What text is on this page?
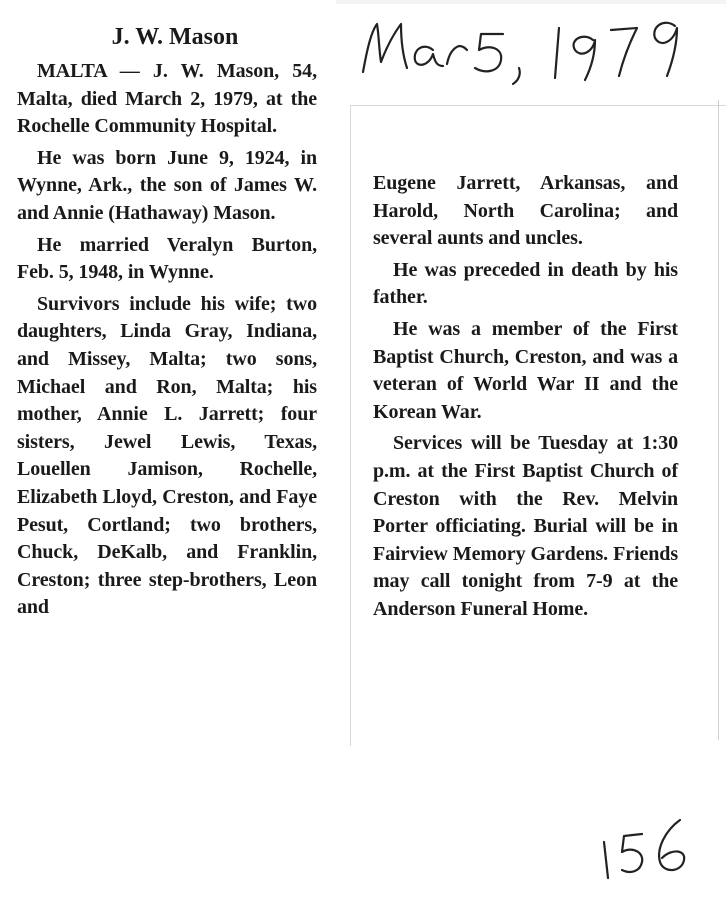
J. W. Mason

MALTA — J. W. Mason, 54, Malta, died March 2, 1979, at the Rochelle Community Hospital.

He was born June 9, 1924, in Wynne, Ark., the son of James W. and Annie (Hathaway) Mason.

He married Veralyn Burton, Feb. 5, 1948, in Wynne.

Survivors include his wife; two daughters, Linda Gray, Indiana, and Missey, Malta; two sons, Michael and Ron, Malta; his mother, Annie L. Jarrett; four sisters, Jewel Lewis, Texas, Louellen Jamison, Rochelle, Elizabeth Lloyd, Creston, and Faye Pesut, Cortland; two brothers, Chuck, DeKalb, and Franklin, Creston; three step-brothers, Leon and

Eugene Jarrett, Arkansas, and Harold, North Carolina; and several aunts and uncles.

He was preceded in death by his father.

He was a member of the First Baptist Church, Creston, and was a veteran of World War II and the Korean War.

Services will be Tuesday at 1:30 p.m. at the First Baptist Church of Creston with the Rev. Melvin Porter officiating. Burial will be in Fairview Memory Gardens. Friends may call tonight from 7-9 at the Anderson Funeral Home.
